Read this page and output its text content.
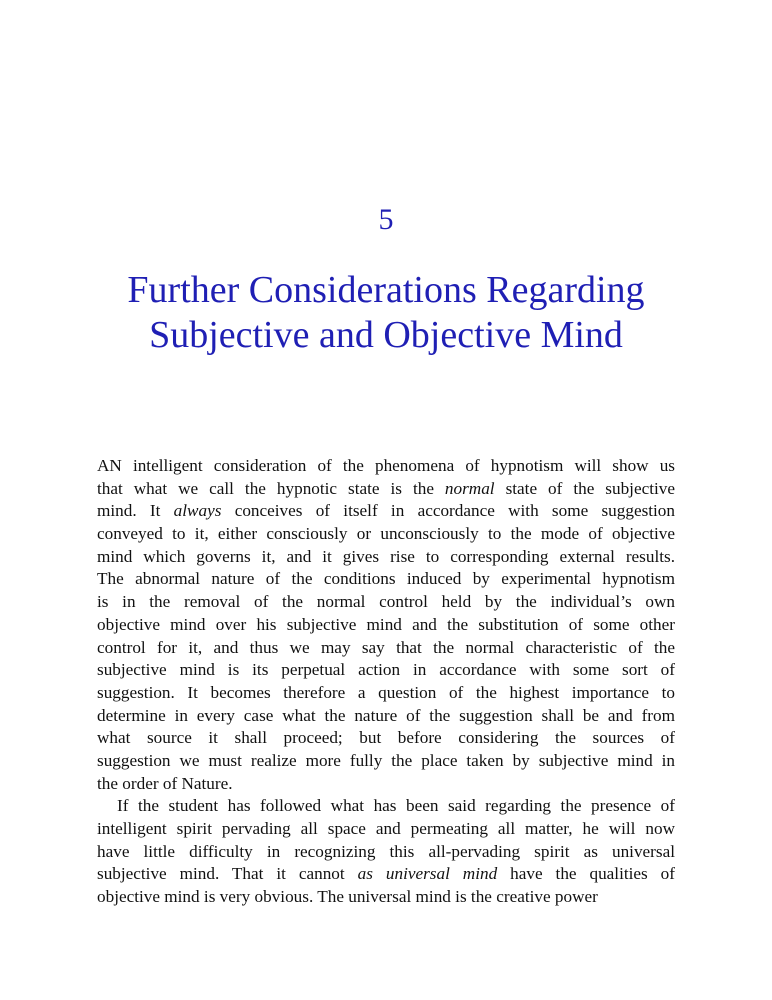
5
Further Considerations Regarding
Subjective and Objective Mind
AN intelligent consideration of the phenomena of hypnotism will show us
that what we call the hypnotic state is the normal state of the subjective
mind. It always conceives of itself in accordance with some suggestion
conveyed to it, either consciously or unconsciously to the mode of objective
mind which governs it, and it gives rise to corresponding external results.
The abnormal nature of the conditions induced by experimental hypnotism
is in the removal of the normal control held by the individual’s own
objective mind over his subjective mind and the substitution of some other
control for it, and thus we may say that the normal characteristic of the
subjective mind is its perpetual action in accordance with some sort of
suggestion. It becomes therefore a question of the highest importance to
determine in every case what the nature of the suggestion shall be and from
what source it shall proceed; but before considering the sources of
suggestion we must realize more fully the place taken by subjective mind in
the order of Nature.
If the student has followed what has been said regarding the presence of
intelligent spirit pervading all space and permeating all matter, he will now
have little difficulty in recognizing this all-pervading spirit as universal
subjective mind. That it cannot as universal mind have the qualities of
objective mind is very obvious. The universal mind is the creative power
